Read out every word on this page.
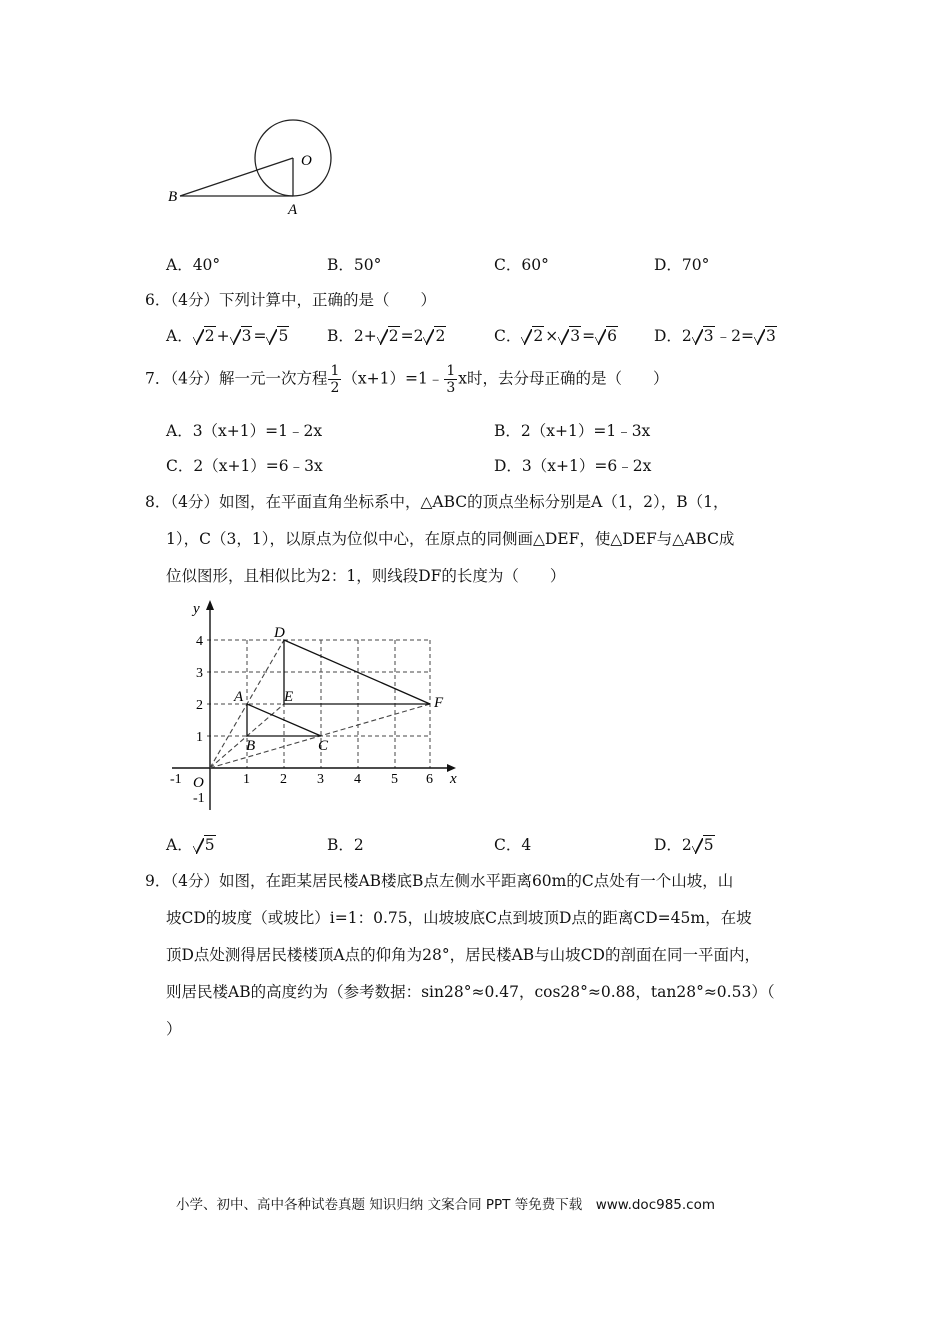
O
B
A
A．40°	B．50°	C．60°	D．70°
6．（4分）下列计算中，正确的是（　　）
A． 2 + 3 = 5 B．2+ 2 =2 2	C． 2 × 3 = 6 D．2 3 ﹣2= 3
7．（4分）解一元一次方程 $\frac{1}{2}$ （x+1）=1﹣ $\frac{1}{3}$ x时，去分母正确的是（　　）
A．3（x+1）=1﹣2x	B．2（x+1）=1﹣3x
C．2（x+1）=6﹣3x	D．3（x+1）=6﹣2x
8．（4分）如图，在平面直角坐标系中，△ABC的顶点坐标分别是A（1，2），B（1，
1），C（3，1），以原点为位似中心，在原点的同侧画△DEF，使△DEF与△ABC成
位似图形，且相似比为2：1，则线段DF的长度为（　　）
-1	1 2 3 4 5 6
4
3
2
1
-1
x
y
O
A
B	C
D
E	F
A． 5	B．2	C．4	D．2 5
9．（4分）如图，在距某居民楼AB楼底B点左侧水平距离60m的C点处有一个山坡，山
坡CD的坡度（或坡比）i=1：0.75，山坡坡底C点到坡顶D点的距离CD=45m，在坡
顶D点处测得居民楼楼顶A点的仰角为28°，居民楼AB与山坡CD的剖面在同一平面内，
则居民楼AB的高度约为（参考数据：sin28°≈0.47，cos28°≈0.88，tan28°≈0.53）（
）
小学、初中、高中各种试卷真题 知识归纳 文案合同 PPT 等免费下载　www.doc985.com
